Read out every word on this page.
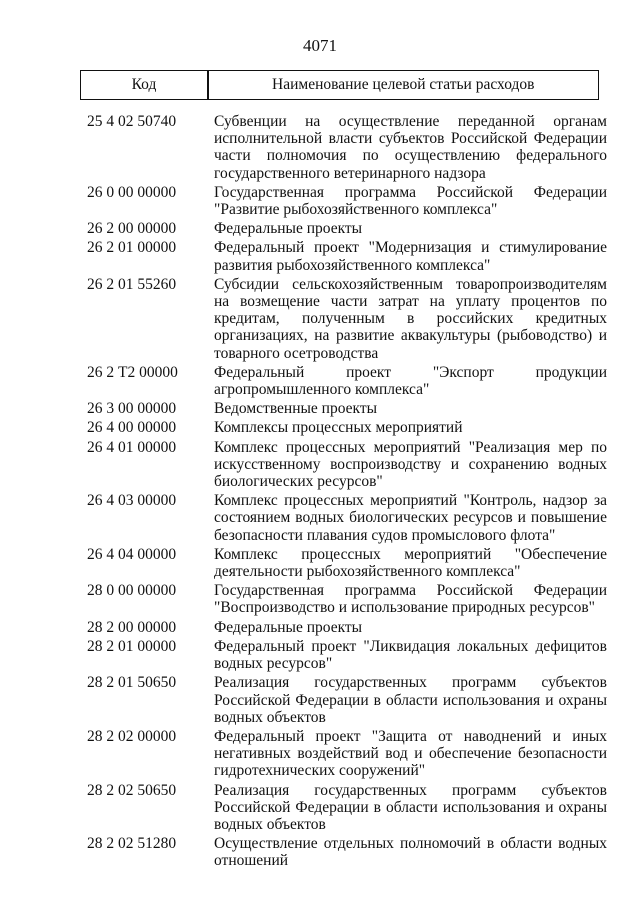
4071
Код	Наименование целевой статьи расходов
25 4 02 50740	Субвенции на осуществление переданной органам исполнительной власти субъектов Российской Федерации части полномочия по осуществлению федерального государственного ветеринарного надзора
26 0 00 00000	Государственная программа Российской Федерации "Развитие рыбохозяйственного комплекса"
26 2 00 00000	Федеральные проекты
26 2 01 00000	Федеральный проект "Модернизация и стимулирование развития рыбохозяйственного комплекса"
26 2 01 55260	Субсидии сельскохозяйственным товаропроизводителям на возмещение части затрат на уплату процентов по кредитам, полученным в российских кредитных организациях, на развитие аквакультуры (рыбоводство) и товарного осетроводства
26 2 Т2 00000	Федеральный проект "Экспорт продукции агропромышленного комплекса"
26 3 00 00000	Ведомственные проекты
26 4 00 00000	Комплексы процессных мероприятий
26 4 01 00000	Комплекс процессных мероприятий "Реализация мер по искусственному воспроизводству и сохранению водных биологических ресурсов"
26 4 03 00000	Комплекс процессных мероприятий "Контроль, надзор за состоянием водных биологических ресурсов и повышение безопасности плавания судов промыслового флота"
26 4 04 00000	Комплекс процессных мероприятий "Обеспечение деятельности рыбохозяйственного комплекса"
28 0 00 00000	Государственная программа Российской Федерации "Воспроизводство и использование природных ресурсов"
28 2 00 00000	Федеральные проекты
28 2 01 00000	Федеральный проект "Ликвидация локальных дефицитов водных ресурсов"
28 2 01 50650	Реализация государственных программ субъектов Российской Федерации в области использования и охраны водных объектов
28 2 02 00000	Федеральный проект "Защита от наводнений и иных негативных воздействий вод и обеспечение безопасности гидротехнических сооружений"
28 2 02 50650	Реализация государственных программ субъектов Российской Федерации в области использования и охраны водных объектов
28 2 02 51280	Осуществление отдельных полномочий в области водных отношений
